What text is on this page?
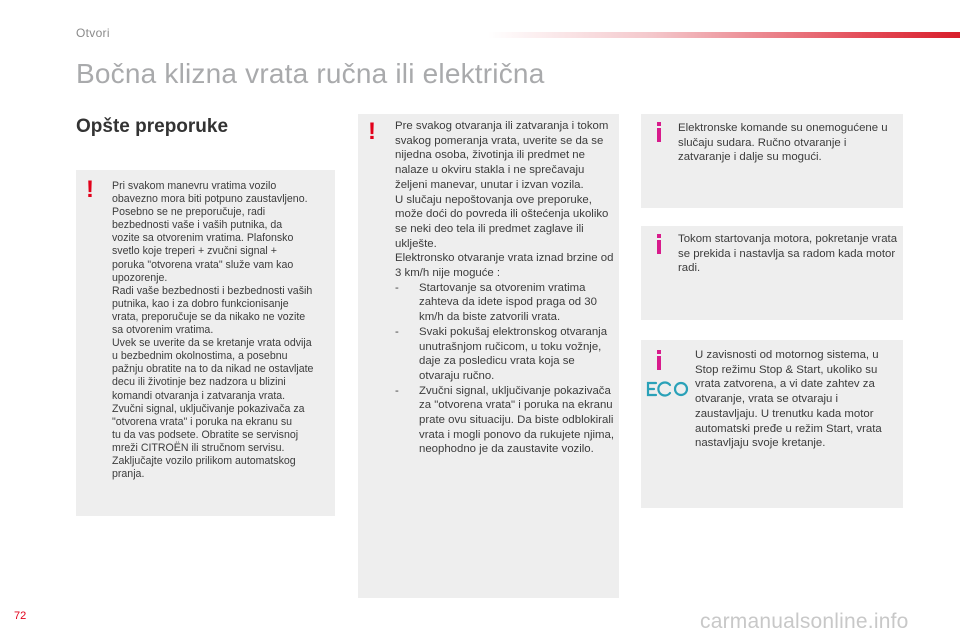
Otvori
Bočna klizna vrata ručna ili električna
Opšte preporuke
! Pri svakom manevru vratima vozilo
obavezno mora biti potpuno zaustavljeno.
Posebno se ne preporučuje, radi
bezbednosti vaše i vaših putnika, da
vozite sa otvorenim vratima. Plafonsko
svetlo koje treperi + zvučni signal +
poruka "otvorena vrata" služe vam kao
upozorenje.
Radi vaše bezbednosti i bezbednosti vaših
putnika, kao i za dobro funkcionisanje
vrata, preporučuje se da nikako ne vozite
sa otvorenim vratima.
Uvek se uverite da se kretanje vrata odvija
u bezbednim okolnostima, a posebnu
pažnju obratite na to da nikad ne ostavljate
decu ili životinje bez nadzora u blizini
komandi otvaranja i zatvaranja vrata.
Zvučni signal, uključivanje pokazivača za
"otvorena vrata" i poruka na ekranu su
tu da vas podsete. Obratite se servisnoj
mreži CITROËN ili stručnom servisu.
Zaključajte vozilo prilikom automatskog
pranja.
! Pre svakog otvaranja ili zatvaranja i tokom svakog pomeranja vrata, uverite se da se nijedna osoba, životinja ili predmet ne nalaze u okviru stakla i ne sprečavaju željeni manevar, unutar i izvan vozila.

U slučaju nepoštovanja ove preporuke, može doći do povreda ili oštećenja ukoliko se neki deo tela ili predmet zaglave ili uklješte.

Elektronsko otvaranje vrata iznad brzine od 3 km/h nije moguće :

- Startovanje sa otvorenim vratima zahteva da idete ispod praga od 30 km/h da biste zatvorili vrata.

- Svaki pokušaj elektronskog otvaranja unutrašnjom ručicom, u toku vožnje, daje za posledicu vrata koja se otvaraju ručno.

- Zvučni signal, uključivanje pokazivača za "otvorena vrata" i poruka na ekranu prate ovu situaciju. Da biste odblokirali vrata i mogli ponovo da rukujete njima, neophodno je da zaustavite vozilo.

Elektronske komande su onemogućene u slučaju sudara. Ručno otvaranje i zatvaranje i dalje su mogući.
Tokom startovanja motora, pokretanje vrata se prekida i nastavlja sa radom kada motor radi.
U zavisnosti od motornog sistema, u Stop režimu Stop & Start, ukoliko su vrata zatvorena, a vi date zahtev za otvaranje, vrata se otvaraju i zaustavljaju. U trenutku kada motor automatski pređe u režim Start, vrata nastavljaju svoje kretanje.
72	carmanualsonline.info
